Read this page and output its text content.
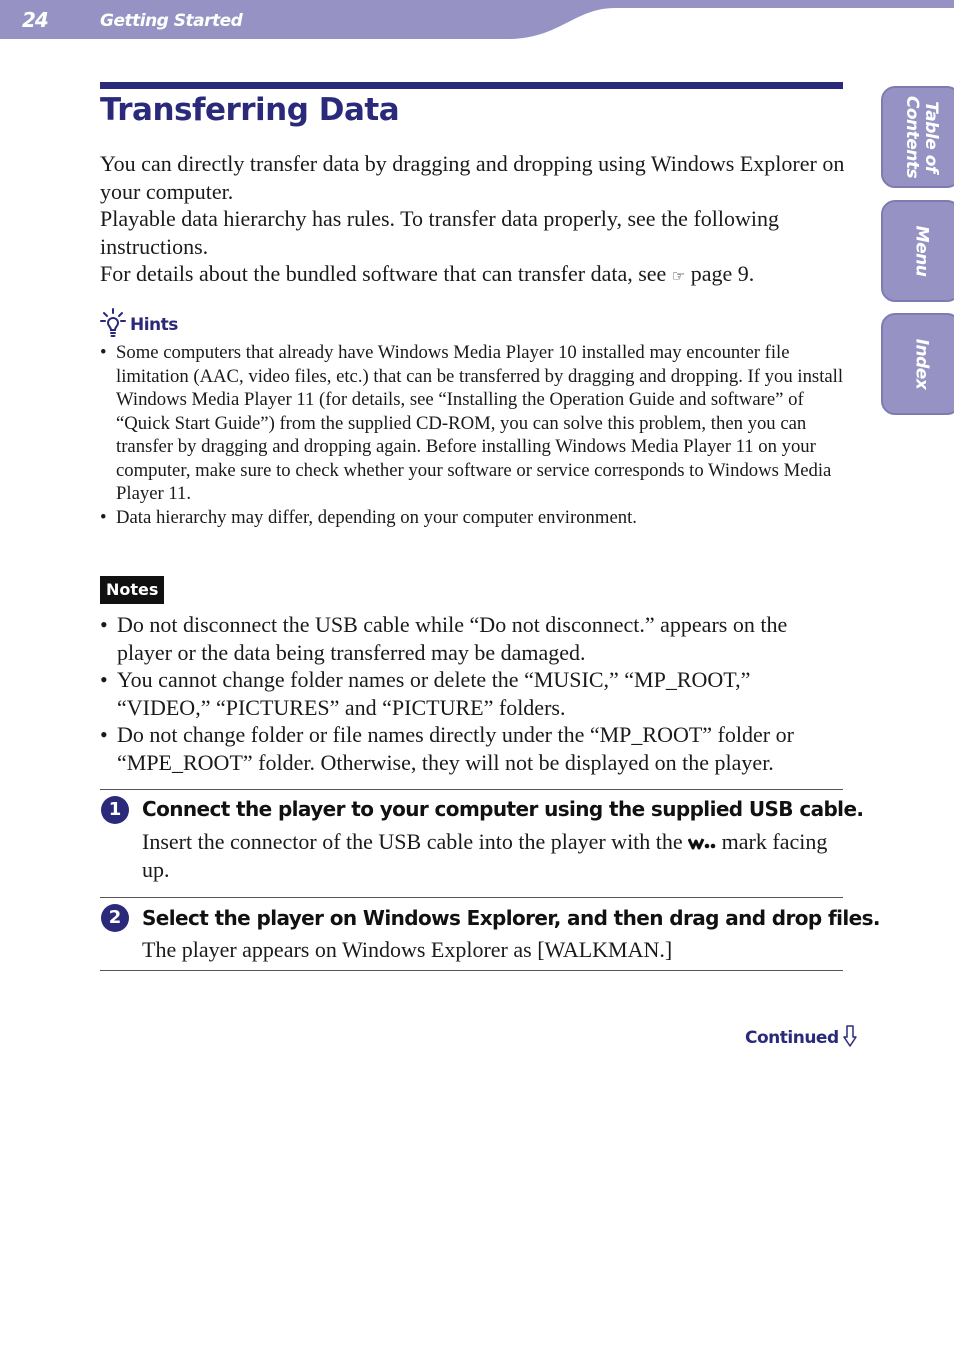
24	Getting Started
Table of
Contents
Menu
Index
Transferring Data

You can directly transfer data by dragging and dropping using Windows Explorer on your computer.

Playable data hierarchy has rules. To transfer data properly, see the following instructions.

For details about the bundled software that can transfer data, see ☞ page 9.

Hints
• Some computers that already have Windows Media Player 10 installed may encounter file limitation (AAC, video files, etc.) that can be transferred by dragging and dropping. If you install Windows Media Player 11 (for details, see “Installing the Operation Guide and software” of “Quick Start Guide”) from the supplied CD-ROM, you can solve this problem, then you can transfer by dragging and dropping again. Before installing Windows Media Player 11 on your computer, make sure to check whether your software or service corresponds to Windows Media Player 11.
• Data hierarchy may differ, depending on your computer environment.
Notes
• Do not disconnect the USB cable while “Do not disconnect.” appears on the player or the data being transferred may be damaged.
• You cannot change folder names or delete the “MUSIC,” “MP_ROOT,” “VIDEO,” “PICTURES” and “PICTURE” folders.
• Do not change folder or file names directly under the “MP_ROOT” folder or “MPE_ROOT” folder. Otherwise, they will not be displayed on the player.
1	Connect the player to your computer using the supplied USB cable.
Insert the connector of the USB cable into the player with the  mark facing up.
2	Select the player on Windows Explorer, and then drag and drop files.
The player appears on Windows Explorer as [WALKMAN.]
Continued
